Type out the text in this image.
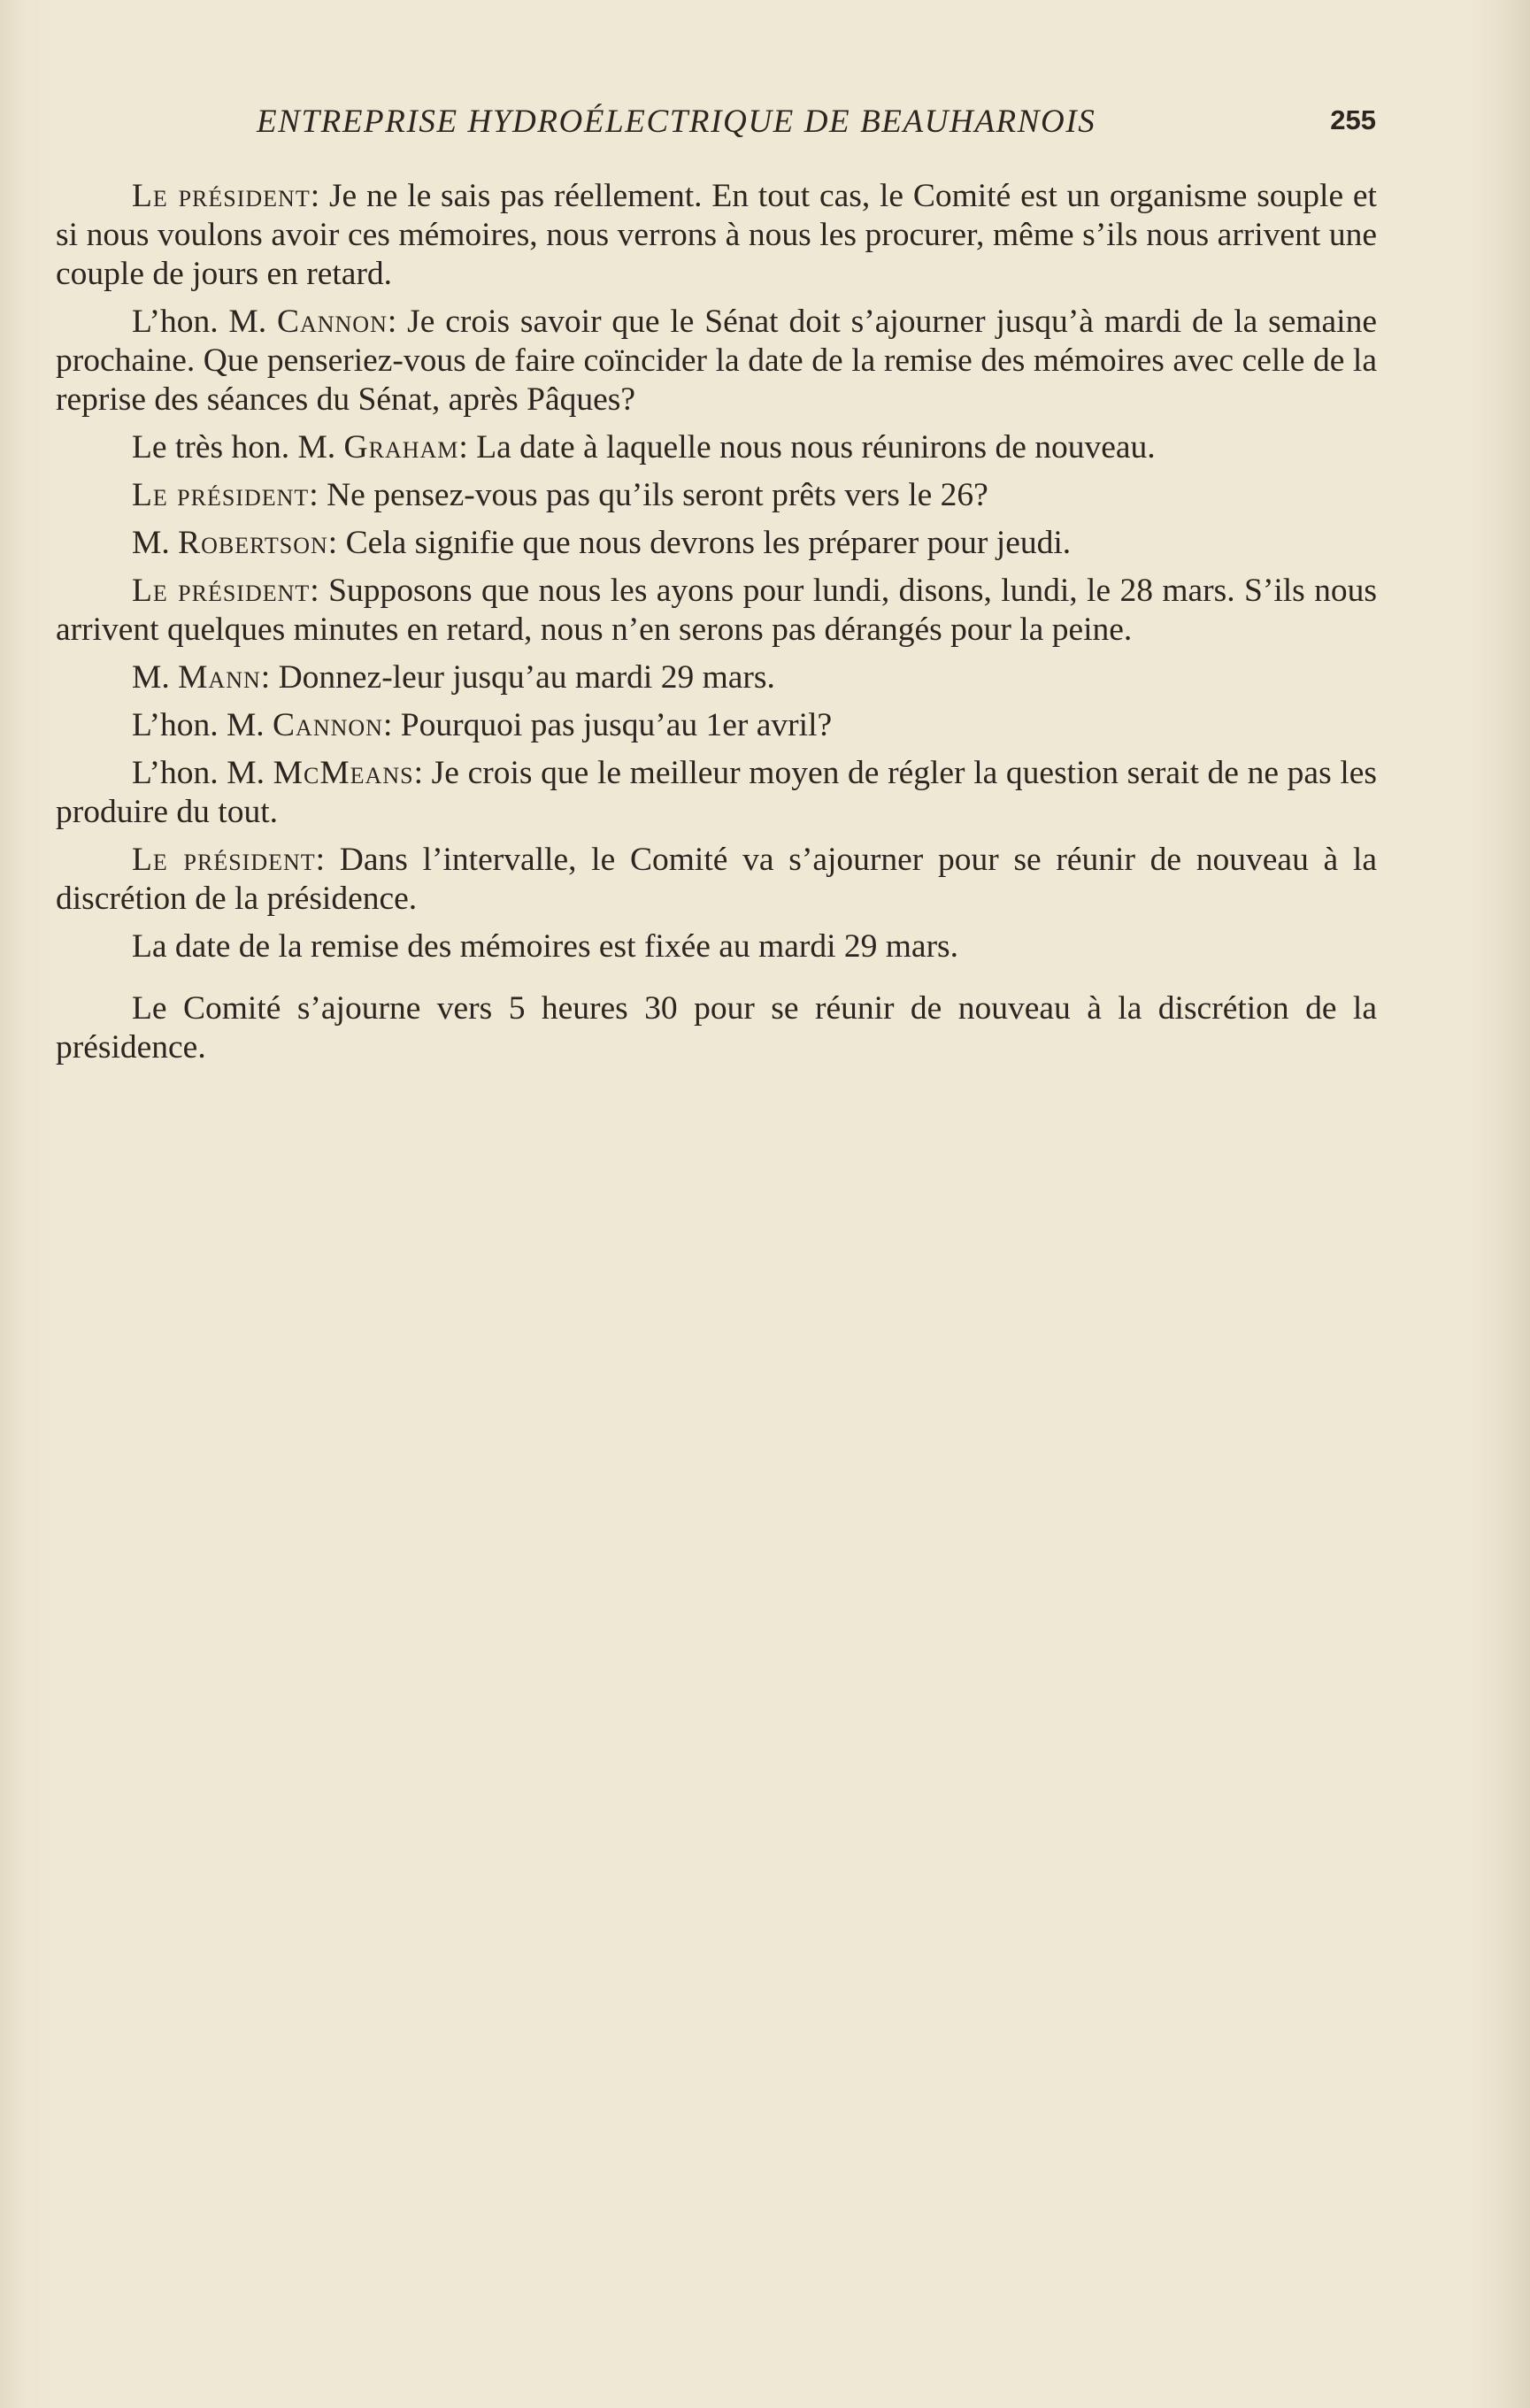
ENTREPRISE HYDROÉLECTRIQUE DE BEAUHARNOIS	255

Le président: Je ne le sais pas réellement. En tout cas, le Comité est un organisme souple et si nous voulons avoir ces mémoires, nous verrons à nous les procurer, même s’ils nous arrivent une couple de jours en retard.

L’hon. M. Cannon: Je crois savoir que le Sénat doit s’ajourner jusqu’à mardi de la semaine prochaine. Que penseriez-vous de faire coïncider la date de la remise des mémoires avec celle de la reprise des séances du Sénat, après Pâques?

Le très hon. M. Graham: La date à laquelle nous nous réunirons de nouveau.

Le président: Ne pensez-vous pas qu’ils seront prêts vers le 26?

M. Robertson: Cela signifie que nous devrons les préparer pour jeudi.

Le président: Supposons que nous les ayons pour lundi, disons, lundi, le 28 mars. S’ils nous arrivent quelques minutes en retard, nous n’en serons pas dérangés pour la peine.

M. Mann: Donnez-leur jusqu’au mardi 29 mars.

L’hon. M. Cannon: Pourquoi pas jusqu’au 1er avril?

L’hon. M. McMeans: Je crois que le meilleur moyen de régler la question serait de ne pas les produire du tout.

Le président: Dans l’intervalle, le Comité va s’ajourner pour se réunir de nouveau à la discrétion de la présidence.

La date de la remise des mémoires est fixée au mardi 29 mars.

Le Comité s’ajourne vers 5 heures 30 pour se réunir de nouveau à la discrétion de la présidence.
